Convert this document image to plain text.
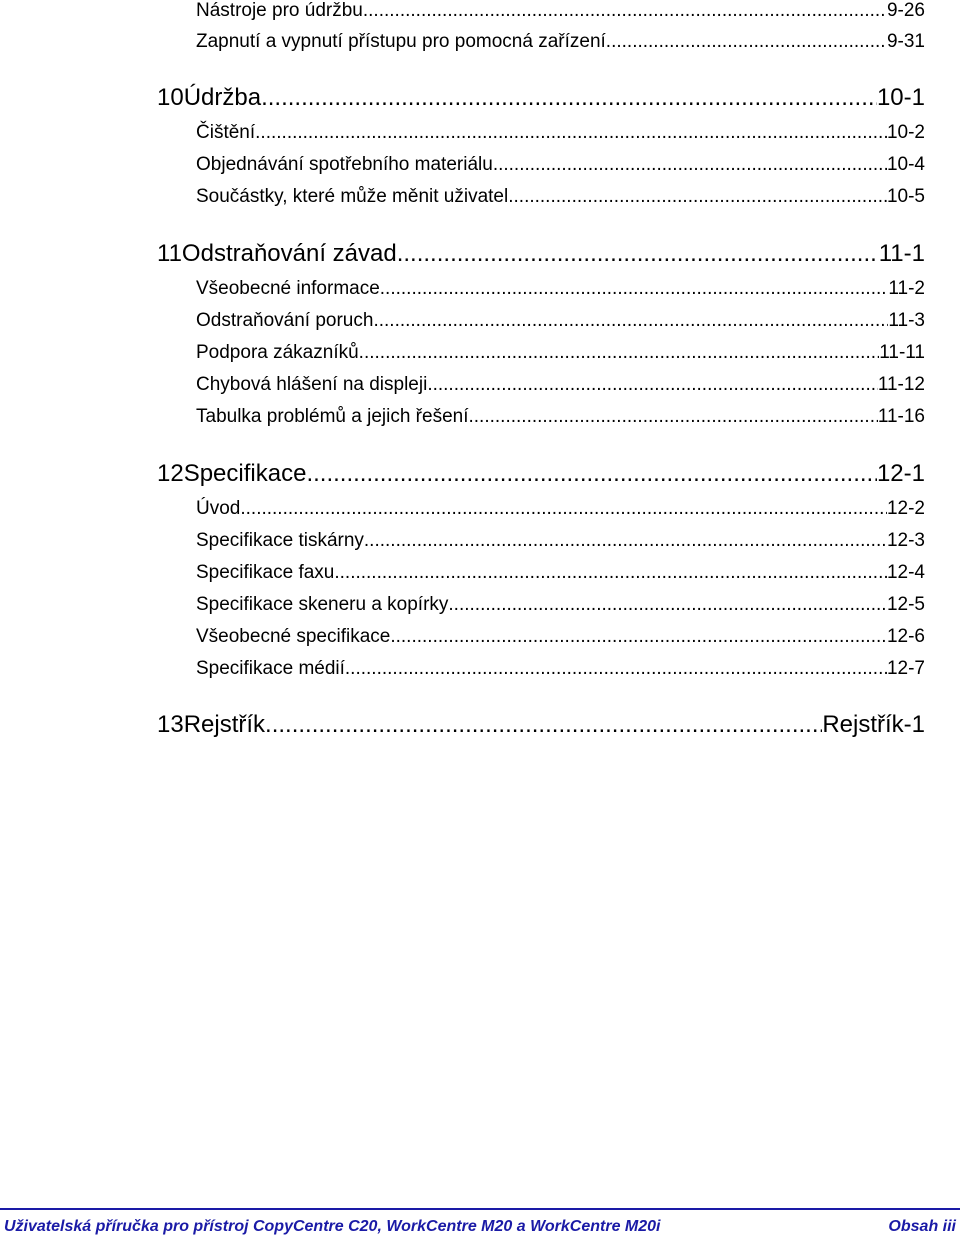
Nástroje pro údržbu .....	9-26
Zapnutí a vypnutí přístupu pro pomocná zařízení .....	9-31
10 Údržba .....	10-1
Čištění .....	10-2
Objednávání spotřebního materiálu .....	10-4
Součástky, které může měnit uživatel .....	10-5
11 Odstraňování závad .....	11-1
Všeobecné informace .....	11-2
Odstraňování poruch .....	11-3
Podpora zákazníků .....	11-11
Chybová hlášení na displeji .....	11-12
Tabulka problémů a jejich řešení .....	11-16
12 Specifikace .....	12-1
Úvod .....	12-2
Specifikace tiskárny .....	12-3
Specifikace faxu .....	12-4
Specifikace skeneru a kopírky .....	12-5
Všeobecné specifikace .....	12-6
Specifikace médií .....	12-7
13 Rejstřík .....	Rejstřík-1
Uživatelská příručka pro přístroj CopyCentre C20, WorkCentre M20 a WorkCentre M20i	Obsah iii
